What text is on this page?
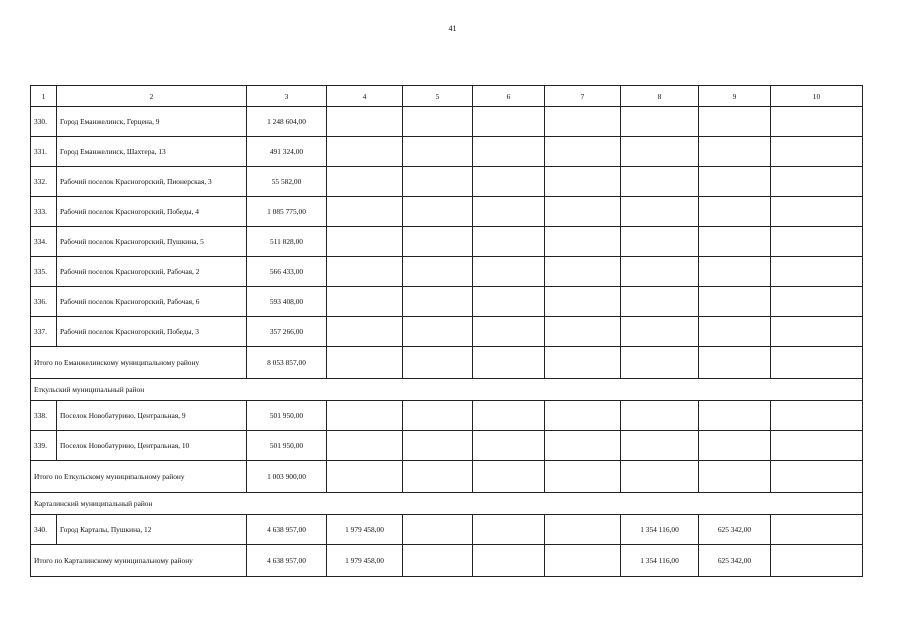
41
1	2	3	4	5	6	7	8	9	10
330.	Город Еманжелинск, Герцена, 9	1 248 604,00							
331.	Город Еманжелинск, Шахтера, 13	491 324,00							
332.	Рабочий поселок Красногорский, Пионерская, 3	55 582,00							
333.	Рабочий поселок Красногорский, Победы, 4	1 085 775,00							
334.	Рабочий поселок Красногорский, Пушкина, 5	511 828,00							
335.	Рабочий поселок Красногорский, Рабочая, 2	566 433,00							
336.	Рабочий поселок Красногорский, Рабочая, 6	593 408,00							
337.	Рабочий поселок Красногорский, Победы, 3	357 266,00							
Итого по Еманжелинскому муниципальному району		8 053 857,00							
Еткульский муниципальный район									
338.	Поселок Новобатурино, Центральная, 9	501 950,00							
339.	Поселок Новобатурино, Центральная, 10	501 950,00							
Итого по Еткульскому муниципальному району		1 003 900,00							
Карталинский муниципальный район									
340.	Город Карталы, Пушкина, 12	4 638 957,00	1 979 458,00				1 354 116,00	625 342,00	
Итого по Карталинскому муниципальному району		4 638 957,00	1 979 458,00				1 354 116,00	625 342,00	
